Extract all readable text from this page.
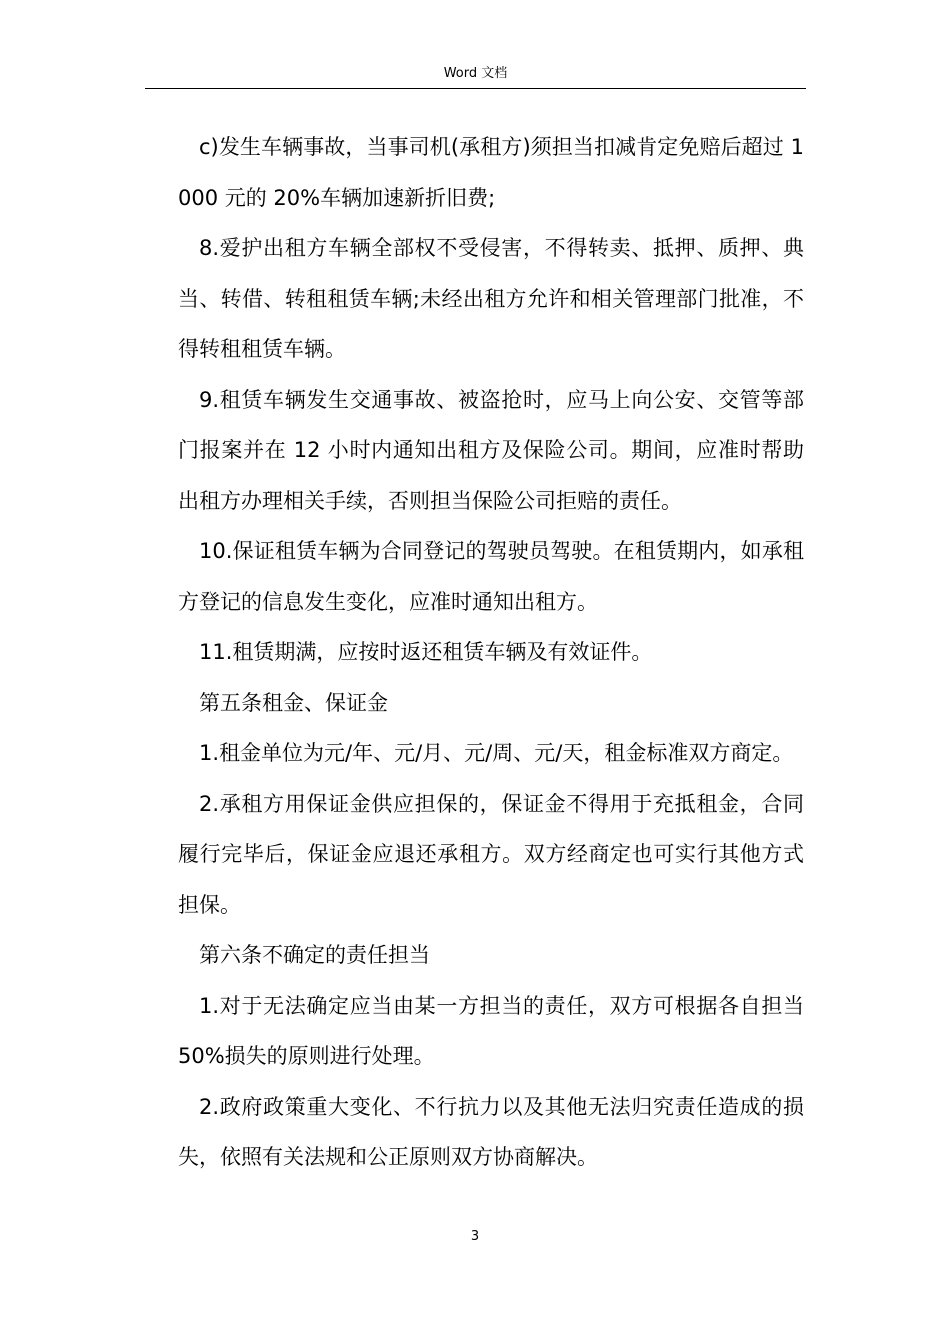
Word 文档

c)发生车辆事故，当事司机(承租方)须担当扣减肯定免赔后超过 1000 元的 20%车辆加速新折旧费;

8.爱护出租方车辆全部权不受侵害，不得转卖、抵押、质押、典当、转借、转租租赁车辆;未经出租方允许和相关管理部门批准，不得转租租赁车辆。

9.租赁车辆发生交通事故、被盗抢时，应马上向公安、交管等部门报案并在 12 小时内通知出租方及保险公司。期间，应准时帮助出租方办理相关手续，否则担当保险公司拒赔的责任。

10.保证租赁车辆为合同登记的驾驶员驾驶。在租赁期内，如承租方登记的信息发生变化，应准时通知出租方。

11.租赁期满，应按时返还租赁车辆及有效证件。

第五条租金、保证金

1.租金单位为元/年、元/月、元/周、元/天，租金标准双方商定。

2.承租方用保证金供应担保的，保证金不得用于充抵租金，合同履行完毕后，保证金应退还承租方。双方经商定也可实行其他方式担保。

第六条不确定的责任担当

1.对于无法确定应当由某一方担当的责任，双方可根据各自担当 50%损失的原则进行处理。

2.政府政策重大变化、不行抗力以及其他无法归究责任造成的损失，依照有关法规和公正原则双方协商解决。

3
